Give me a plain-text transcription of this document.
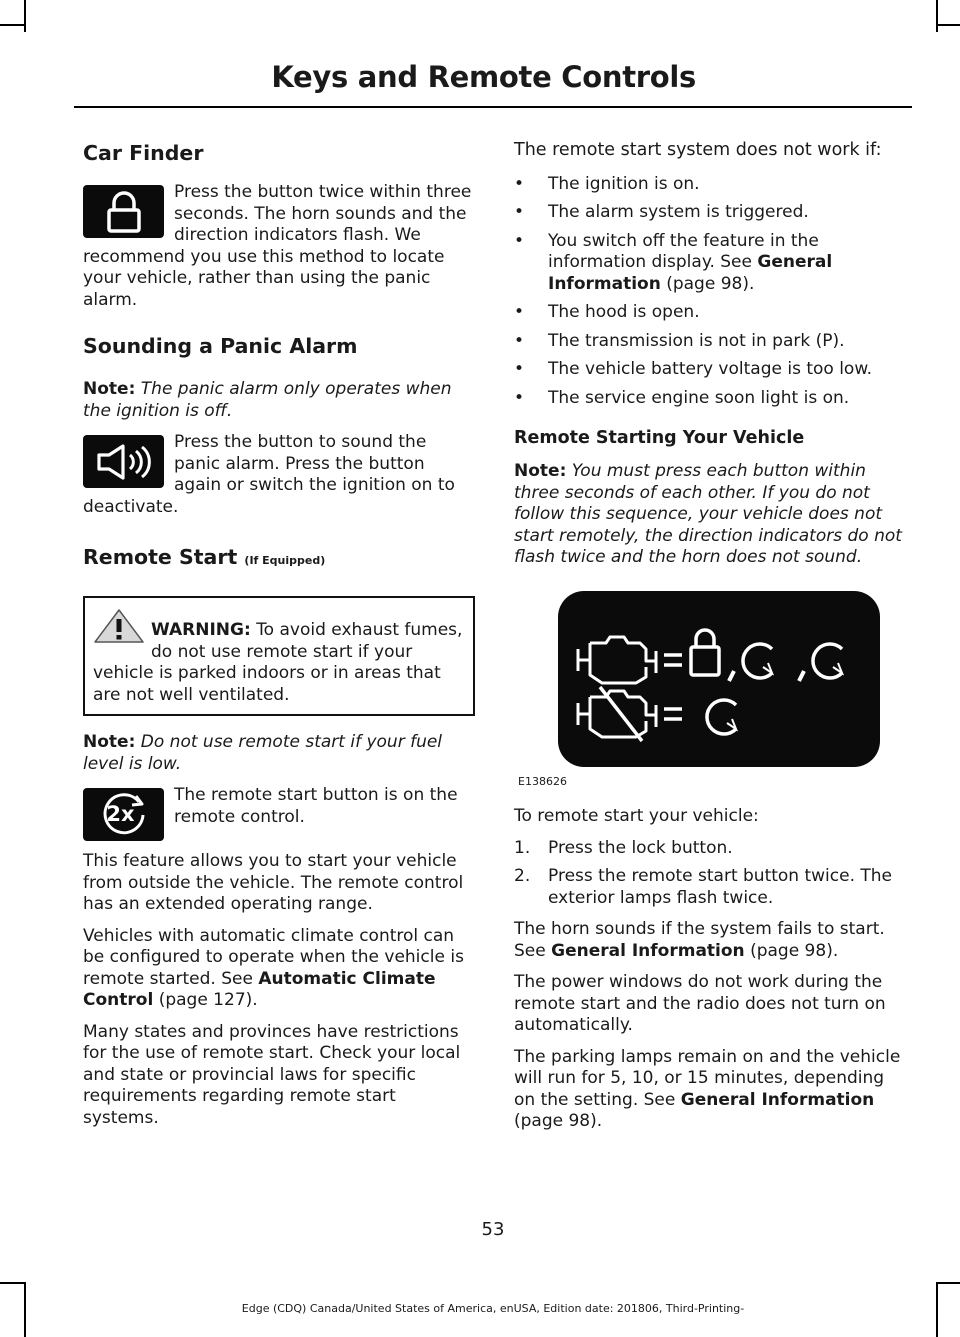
Keys and Remote Controls
Car Finder

Press the button twice within three seconds. The horn sounds and the direction indicators flash. We recommend you use this method to locate your vehicle, rather than using the panic alarm.

Sounding a Panic Alarm

Note: The panic alarm only operates when the ignition is off.

Press the button to sound the panic alarm. Press the button again or switch the ignition on to deactivate.

Remote Start (If Equipped)
WARNING: To avoid exhaust fumes, do not use remote start if your vehicle is parked indoors or in areas that are not well ventilated.

Note: Do not use remote start if your fuel level is low.

2x

The remote start button is on the remote control.

This feature allows you to start your vehicle from outside the vehicle. The remote control has an extended operating range.

Vehicles with automatic climate control can be configured to operate when the vehicle is remote started. See Automatic Climate Control (page 127).

Many states and provinces have restrictions for the use of remote start. Check your local and state or provincial laws for specific requirements regarding remote start systems.

The remote start system does not work if:

• The ignition is on.
• The alarm system is triggered.
• You switch off the feature in the information display. See General Information (page 98).
• The hood is open.
• The transmission is not in park (P).
• The vehicle battery voltage is too low.
• The service engine soon light is on.
Remote Starting Your Vehicle

Note: You must press each button within three seconds of each other. If you do not follow this sequence, your vehicle does not start remotely, the direction indicators do not flash twice and the horn does not sound.

E138626

To remote start your vehicle:

1. Press the lock button.
2. Press the remote start button twice. The exterior lamps flash twice.

The horn sounds if the system fails to start. See General Information (page 98).

The power windows do not work during the remote start and the radio does not turn on automatically.

The parking lamps remain on and the vehicle will run for 5, 10, or 15 minutes, depending on the setting. See General Information (page 98).

53
Edge (CDQ) Canada/United States of America, enUSA, Edition date: 201806, Third-Printing-
